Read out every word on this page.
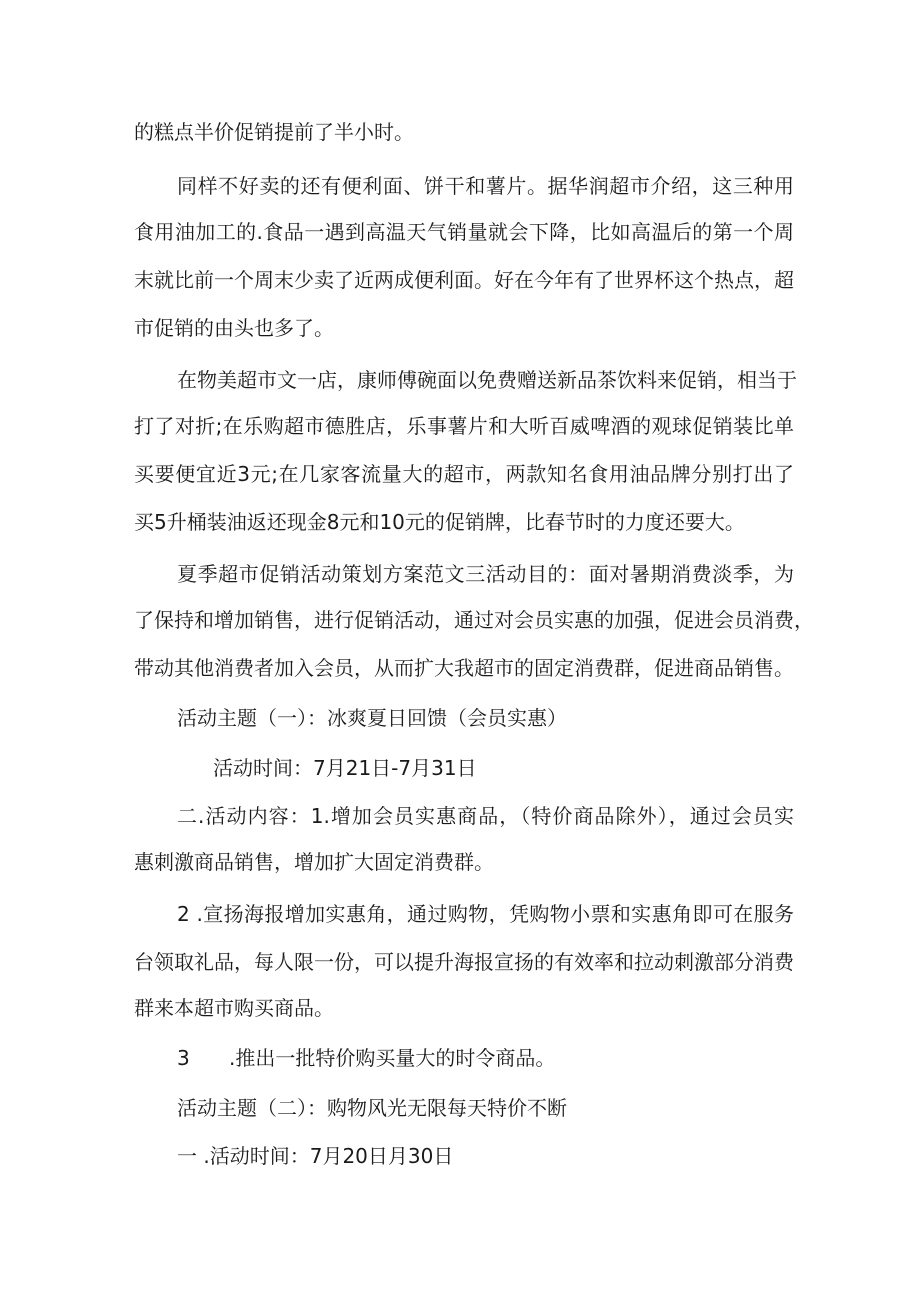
的糕点半价促销提前了半小时。
同样不好卖的还有便利面、饼干和薯片。据华润超市介绍，这三种用
食用油加工的.食品一遇到高温天气销量就会下降，比如高温后的第一个周
末就比前一个周末少卖了近两成便利面。好在今年有了世界杯这个热点，超
市促销的由头也多了。
在物美超市文一店，康师傅碗面以免费赠送新品茶饮料来促销，相当于
打了对折;在乐购超市德胜店，乐事薯片和大听百威啤酒的观球促销装比单
买要便宜近3元;在几家客流量大的超市，两款知名食用油品牌分别打出了
买5升桶装油返还现金8元和10元的促销牌，比春节时的力度还要大。
夏季超市促销活动策划方案范文三活动目的：面对暑期消费淡季，为
了保持和增加销售，进行促销活动，通过对会员实惠的加强，促进会员消费，
带动其他消费者加入会员，从而扩大我超市的固定消费群，促进商品销售。
活动主题（一）：冰爽夏日回馈（会员实惠）
活动时间：7月21日-7月31日
二.活动内容：1.增加会员实惠商品，（特价商品除外），通过会员实
惠刺激商品销售，增加扩大固定消费群。
2 .宣扬海报增加实惠角，通过购物，凭购物小票和实惠角即可在服务
台领取礼品，每人限一份，可以提升海报宣扬的有效率和拉动刺激部分消费
群来本超市购买商品。
3 .推出一批特价购买量大的时令商品。
活动主题（二）：购物风光无限每天特价不断
一 .活动时间：7月20日月30日
